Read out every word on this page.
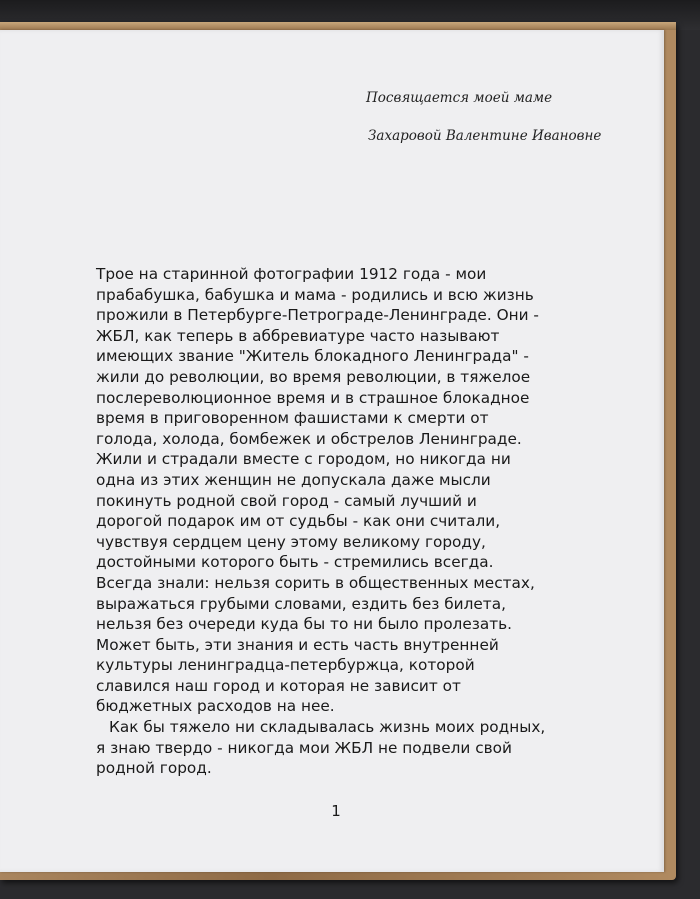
Посвящается моей маме
Захаровой Валентине Ивановне
Трое на старинной фотографии 1912 года - мои
прабабушка, бабушка и мама - родились и всю жизнь
прожили в Петербурге-Петрограде-Ленинграде. Они -
ЖБЛ, как теперь в аббревиатуре часто называют
имеющих звание "Житель блокадного Ленинграда" -
жили до революции, во время революции, в тяжелое
послереволюционное время и в страшное блокадное
время в приговоренном фашистами к смерти от
голода, холода, бомбежек и обстрелов Ленинграде.
Жили и страдали вместе с городом, но никогда ни
одна из этих женщин не допускала даже мысли
покинуть родной свой город - самый лучший и
дорогой подарок им от судьбы - как они считали,
чувствуя сердцем цену этому великому городу,
достойными которого быть - стремились всегда.
Всегда знали: нельзя сорить в общественных местах,
выражаться грубыми словами, ездить без билета,
нельзя без очереди куда бы то ни было пролезать.
Может быть, эти знания и есть часть внутренней
культуры ленинградца-петербуржца, которой
славился наш город и которая не зависит от
бюджетных расходов на нее.
Как бы тяжело ни складывалась жизнь моих родных,
я знаю твердо - никогда мои ЖБЛ не подвели свой
родной город.
1
